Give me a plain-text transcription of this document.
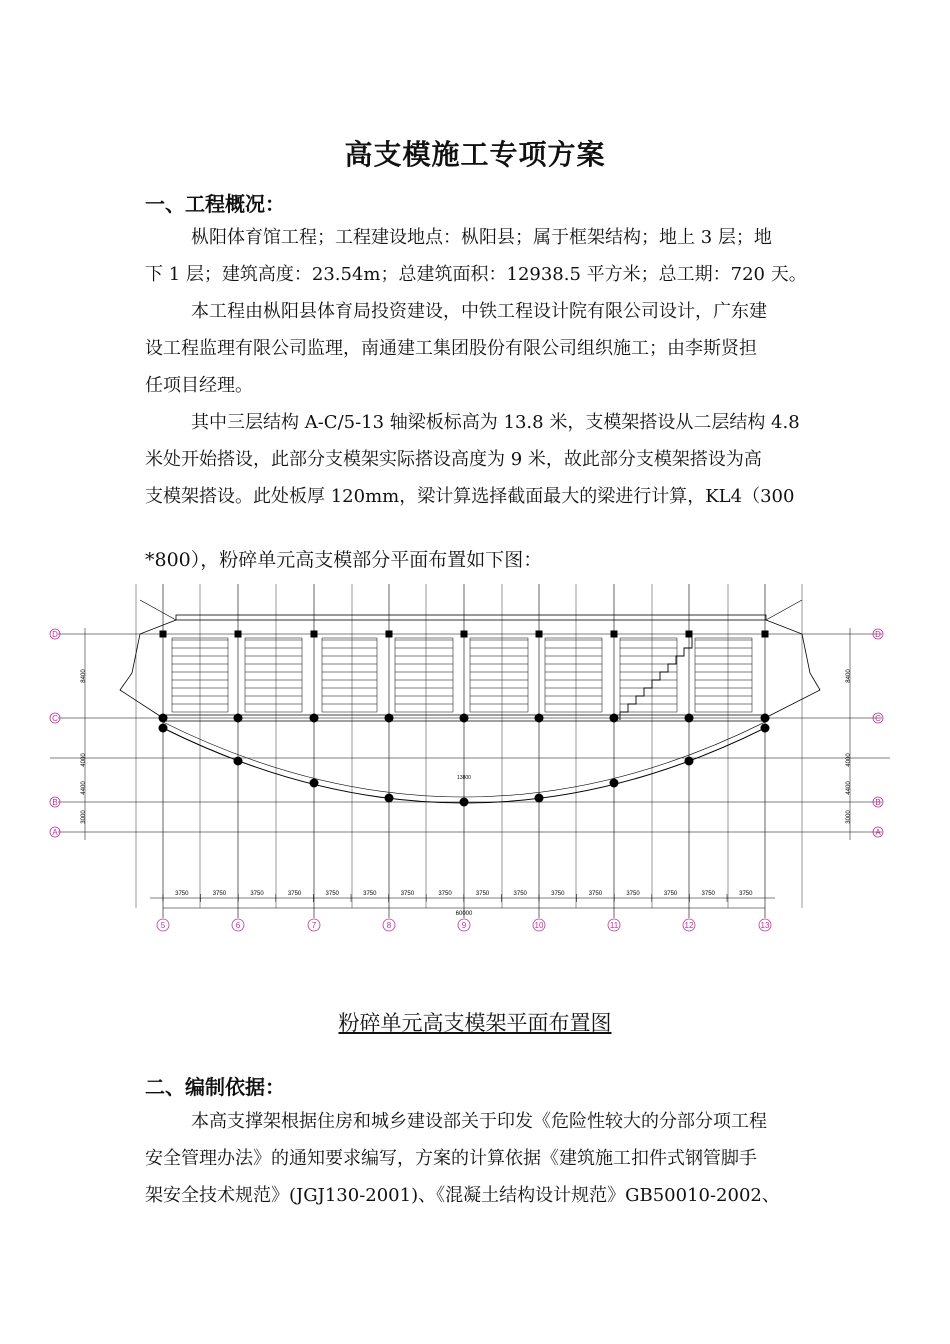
高支模施工专项方案
一、工程概况：

枞阳体育馆工程；工程建设地点：枞阳县；属于框架结构；地上 3 层；地
下 1 层；建筑高度：23.54m；总建筑面积：12938.5 平方米；总工期：720 天。

本工程由枞阳县体育局投资建设，中铁工程设计院有限公司设计，广东建
设工程监理有限公司监理，南通建工集团股份有限公司组织施工；由李斯贤担
任项目经理。

其中三层结构 A-C/5-13 轴梁板标高为 13.8 米，支模架搭设从二层结构 4.8
米处开始搭设，此部分支模架实际搭设高度为 9 米，故此部分支模架搭设为高
支模架搭设。此处板厚 120mm，梁计算选择截面最大的梁进行计算，KL4（300

*800），粉碎单元高支模部分平面布置如下图：

D	D
C	C
B	B
A	A
5	6	7	8	9	10	11	12	13
8400	8400
4000	4000
4400	4400
3000	3000
3750	3750	3750	3750	3750	3750	3750	3750	3750	3750	3750	3750	3750	3750	3750	3750
60000
13800
粉碎单元高支模架平面布置图
二、编制依据：

本高支撑架根据住房和城乡建设部关于印发《危险性较大的分部分项工程
安全管理办法》的通知要求编写，方案的计算依据《建筑施工扣件式钢管脚手
架安全技术规范》(JGJ130-2001)、《混凝土结构设计规范》GB50010-2002、
